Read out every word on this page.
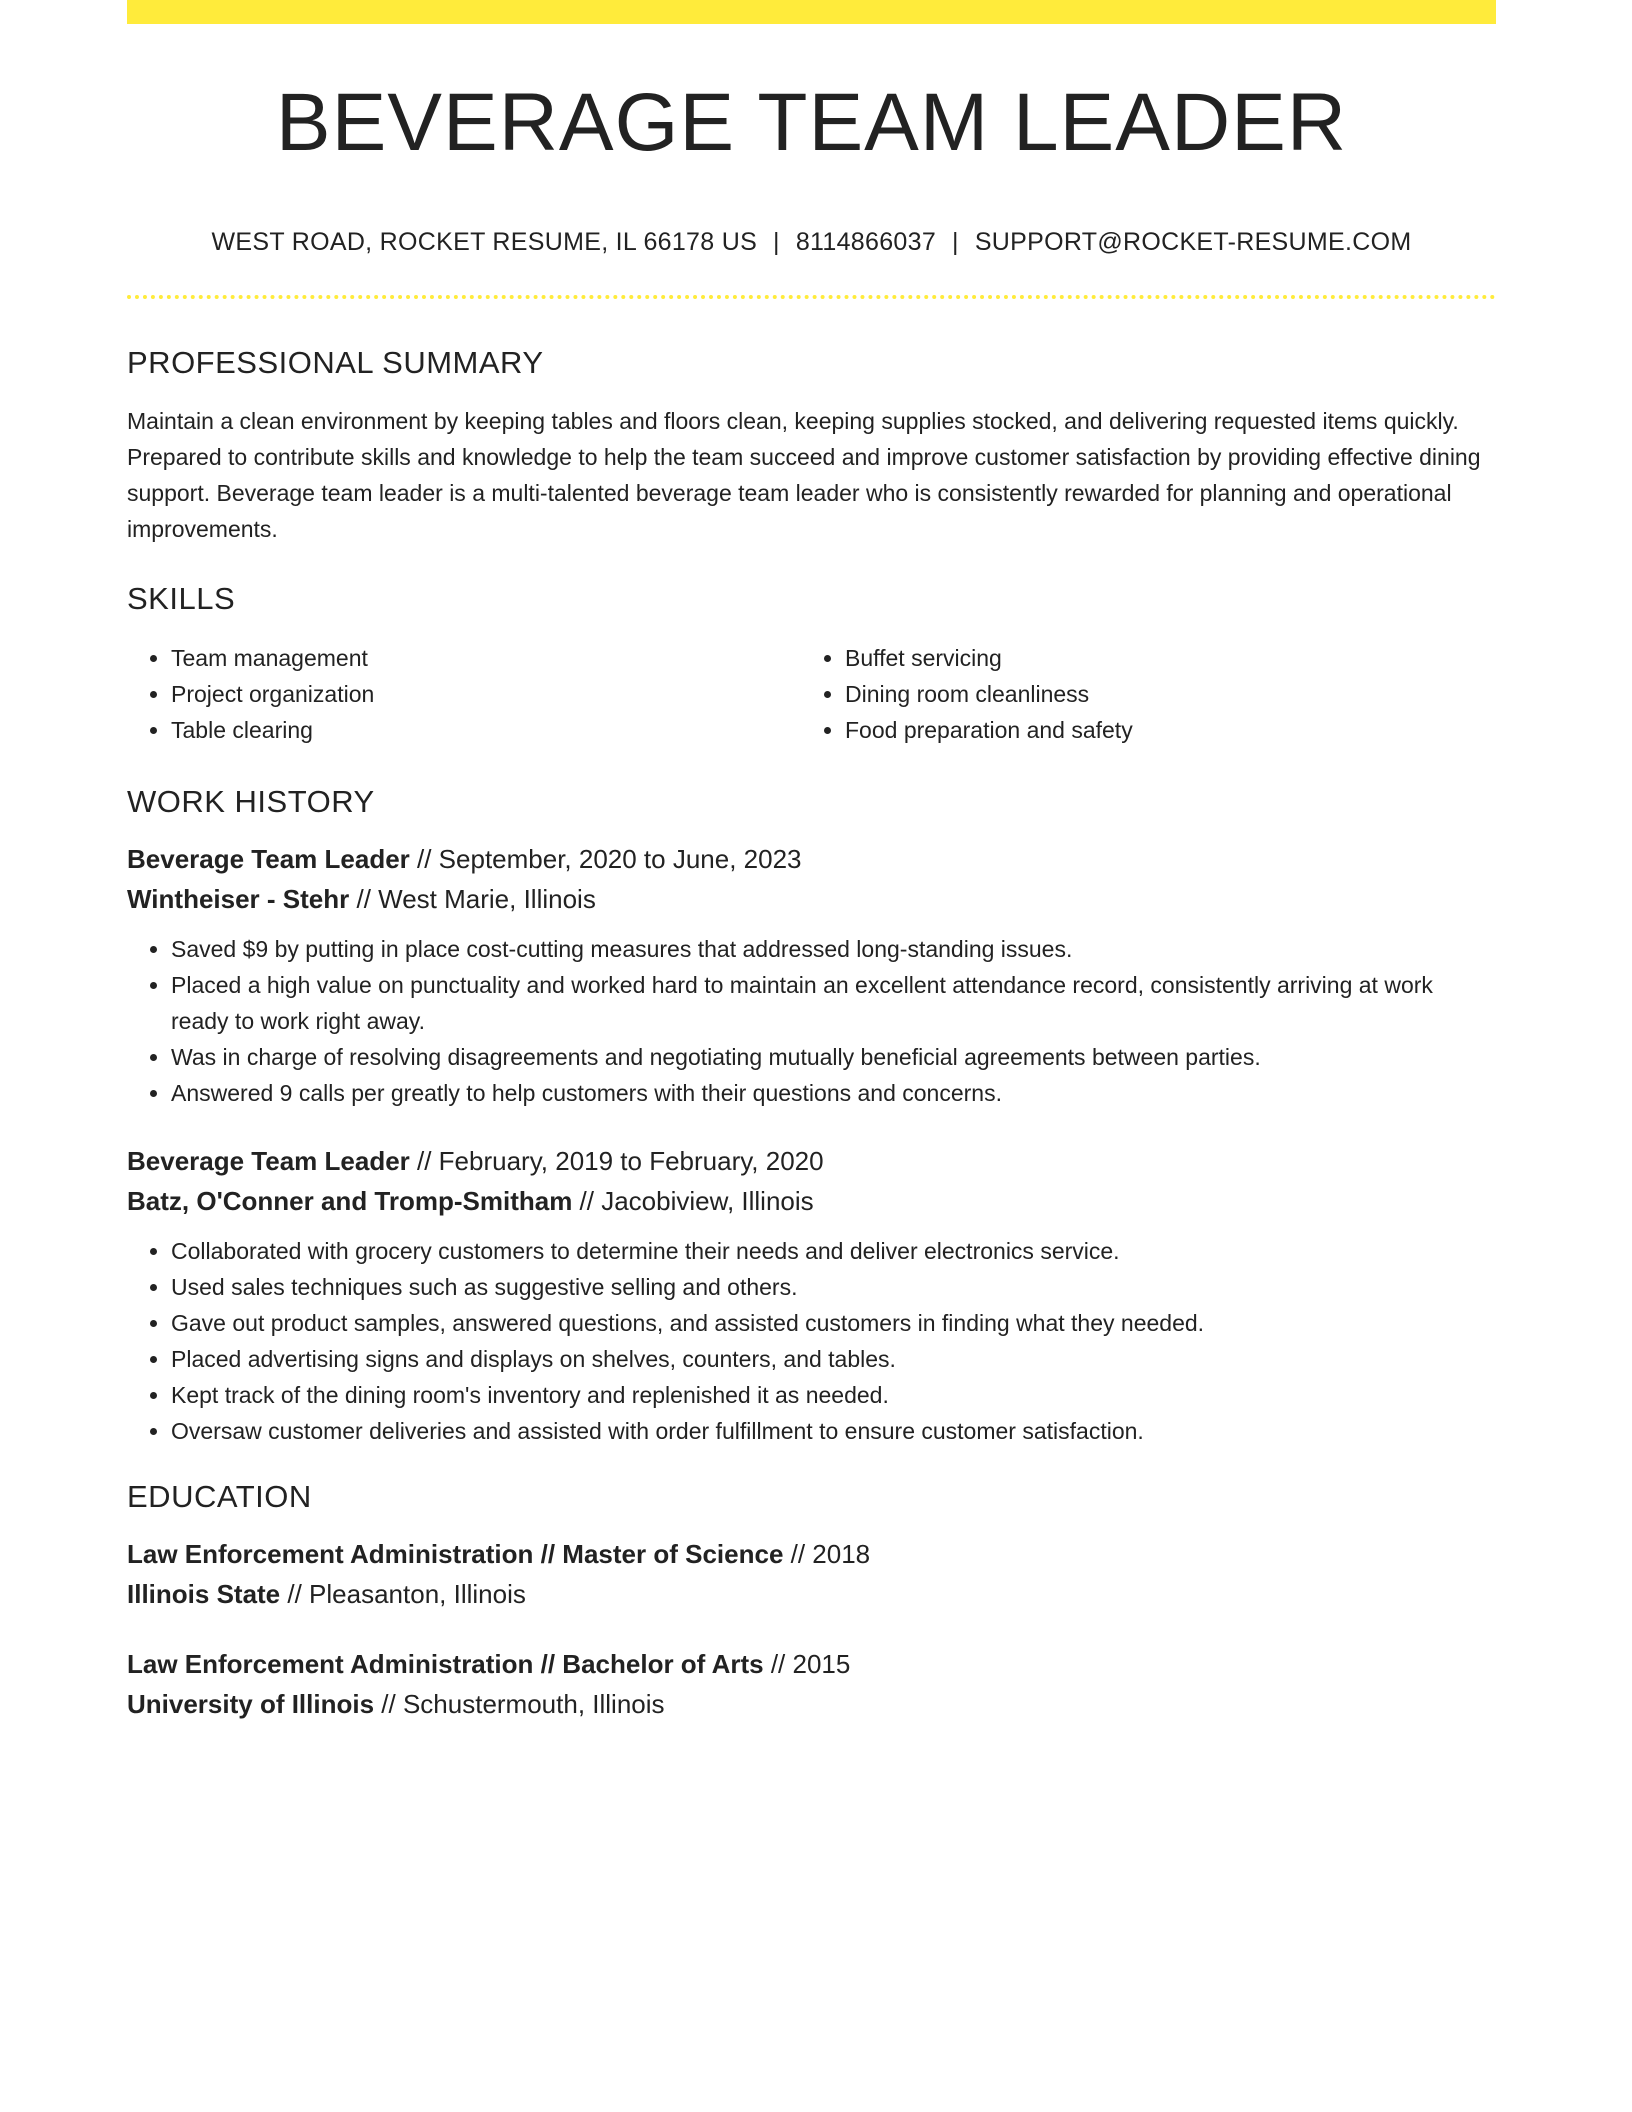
BEVERAGE TEAM LEADER
WEST ROAD, ROCKET RESUME, IL 66178 US | 8114866037 | SUPPORT@ROCKET-RESUME.COM
PROFESSIONAL SUMMARY

Maintain a clean environment by keeping tables and floors clean, keeping supplies stocked, and delivering requested items quickly. Prepared to contribute skills and knowledge to help the team succeed and improve customer satisfaction by providing effective dining support. Beverage team leader is a multi-talented beverage team leader who is consistently rewarded for planning and operational improvements.

SKILLS
• Team management
• Project organization
• Table clearing
• Buffet servicing
• Dining room cleanliness
• Food preparation and safety
WORK HISTORY
Beverage Team Leader // September, 2020 to June, 2023
Wintheiser - Stehr // West Marie, Illinois
• Saved $9 by putting in place cost-cutting measures that addressed long-standing issues.
• Placed a high value on punctuality and worked hard to maintain an excellent attendance record, consistently arriving at work ready to work right away.
• Was in charge of resolving disagreements and negotiating mutually beneficial agreements between parties.
• Answered 9 calls per greatly to help customers with their questions and concerns.
Beverage Team Leader // February, 2019 to February, 2020
Batz, O'Conner and Tromp-Smitham // Jacobiview, Illinois
• Collaborated with grocery customers to determine their needs and deliver electronics service.
• Used sales techniques such as suggestive selling and others.
• Gave out product samples, answered questions, and assisted customers in finding what they needed.
• Placed advertising signs and displays on shelves, counters, and tables.
• Kept track of the dining room's inventory and replenished it as needed.
• Oversaw customer deliveries and assisted with order fulfillment to ensure customer satisfaction.
EDUCATION
Law Enforcement Administration // Master of Science // 2018
Illinois State // Pleasanton, Illinois
Law Enforcement Administration // Bachelor of Arts // 2015
University of Illinois // Schustermouth, Illinois
